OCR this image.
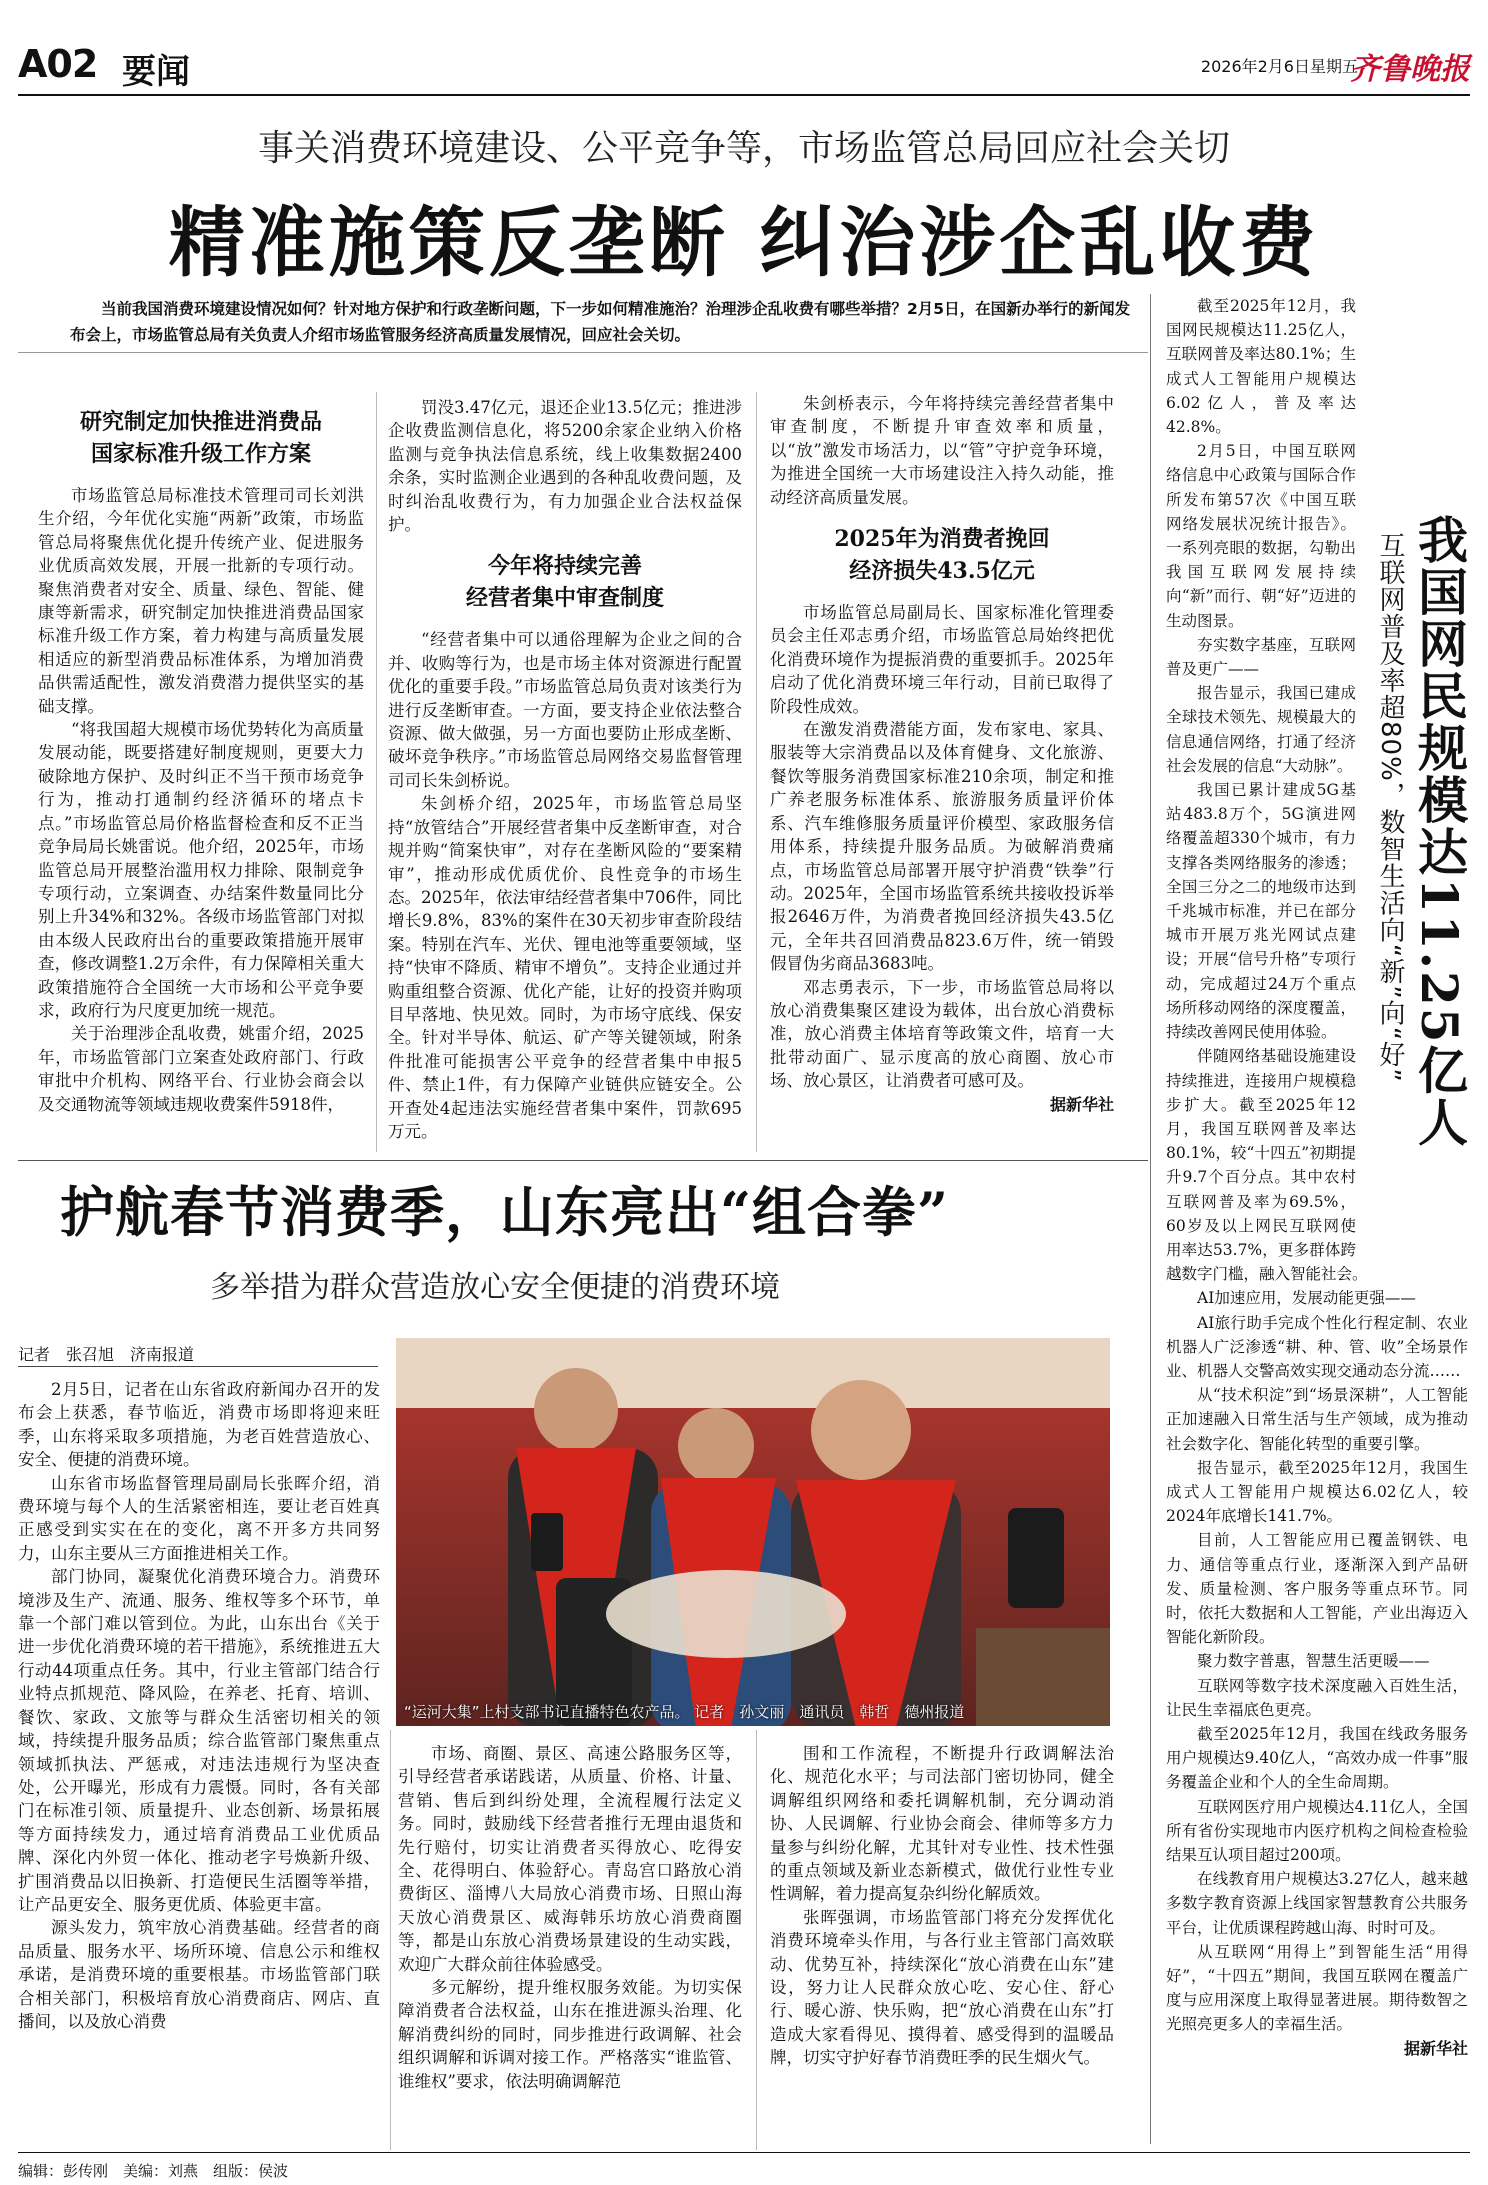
A02 要闻	2026年2月6日 星期五
齐鲁晚报
事关消费环境建设、公平竞争等，市场监管总局回应社会关切
精准施策反垄断 纠治涉企乱收费
当前我国消费环境建设情况如何？针对地方保护和行政垄断问题，下一步如何精准施治？治理涉企乱收费有哪些举措？2月5日，在国新办举行的新闻发布会上，市场监管总局有关负责人介绍市场监管服务经济高质量发展情况，回应社会关切。
研究制定加快推进消费品
国家标准升级工作方案

市场监管总局标准技术管理司司长刘洪生介绍，今年优化实施“两新”政策，市场监管总局将聚焦优化提升传统产业、促进服务业优质高效发展，开展一批新的专项行动。聚焦消费者对安全、质量、绿色、智能、健康等新需求，研究制定加快推进消费品国家标准升级工作方案，着力构建与高质量发展相适应的新型消费品标准体系，为增加消费品供需适配性，激发消费潜力提供坚实的基础支撑。

“将我国超大规模市场优势转化为高质量发展动能，既要搭建好制度规则，更要大力破除地方保护、及时纠正不当干预市场竞争行为，推动打通制约经济循环的堵点卡点。”市场监管总局价格监督检查和反不正当竞争局局长姚雷说。他介绍，2025年，市场监管总局开展整治滥用权力排除、限制竞争专项行动，立案调查、办结案件数量同比分别上升34%和32%。各级市场监管部门对拟由本级人民政府出台的重要政策措施开展审查，修改调整1.2万余件，有力保障相关重大政策措施符合全国统一大市场和公平竞争要求，政府行为尺度更加统一规范。

关于治理涉企乱收费，姚雷介绍，2025年，市场监管部门立案查处政府部门、行政审批中介机构、网络平台、行业协会商会以及交通物流等领域违规收费案件5918件，

罚没3.47亿元，退还企业13.5亿元；推进涉企收费监测信息化，将5200余家企业纳入价格监测与竞争执法信息系统，线上收集数据2400余条，实时监测企业遇到的各种乱收费问题，及时纠治乱收费行为，有力加强企业合法权益保护。

今年将持续完善
经营者集中审查制度

“经营者集中可以通俗理解为企业之间的合并、收购等行为，也是市场主体对资源进行配置优化的重要手段。”市场监管总局负责对该类行为进行反垄断审查。一方面，要支持企业依法整合资源、做大做强，另一方面也要防止形成垄断、破坏竞争秩序。”市场监管总局网络交易监督管理司司长朱剑桥说。

朱剑桥介绍，2025年，市场监管总局坚持“放管结合”开展经营者集中反垄断审查，对合规并购“简案快审”，对存在垄断风险的“要案精审”，推动形成优质优价、良性竞争的市场生态。2025年，依法审结经营者集中706件，同比增长9.8%，83%的案件在30天初步审查阶段结案。特别在汽车、光伏、锂电池等重要领域，坚持“快审不降质、精审不增负”。支持企业通过并购重组整合资源、优化产能，让好的投资并购项目早落地、快见效。同时，为市场守底线、保安全。针对半导体、航运、矿产等关键领域，附条件批准可能损害公平竞争的经营者集中申报5件、禁止1件，有力保障产业链供应链安全。公开查处4起违法实施经营者集中案件，罚款695万元。

朱剑桥表示，今年将持续完善经营者集中审查制度，不断提升审查效率和质量，以“放”激发市场活力，以“管”守护竞争环境，为推进全国统一大市场建设注入持久动能，推动经济高质量发展。

2025年为消费者挽回
经济损失43.5亿元

市场监管总局副局长、国家标准化管理委员会主任邓志勇介绍，市场监管总局始终把优化消费环境作为提振消费的重要抓手。2025年启动了优化消费环境三年行动，目前已取得了阶段性成效。

在激发消费潜能方面，发布家电、家具、服装等大宗消费品以及体育健身、文化旅游、餐饮等服务消费国家标准210余项，制定和推广养老服务标准体系、旅游服务质量评价体系、汽车维修服务质量评价模型、家政服务信用体系，持续提升服务品质。为破解消费痛点，市场监管总局部署开展守护消费“铁拳”行动。2025年，全国市场监管系统共接收投诉举报2646万件，为消费者挽回经济损失43.5亿元，全年共召回消费品823.6万件，统一销毁假冒伪劣商品3683吨。

邓志勇表示，下一步，市场监管总局将以放心消费集聚区建设为载体，出台放心消费标准，放心消费主体培育等政策文件，培育一大批带动面广、显示度高的放心商圈、放心市场、放心景区，让消费者可感可及。

据新华社	我国网民规模达11.25亿人
互联网普及率超80%，数智生活向“新”向“好”

截至2025年12月，我国网民规模达11.25亿人，互联网普及率达80.1%；生成式人工智能用户规模达6.02亿人，普及率达42.8%。

2月5日，中国互联网络信息中心政策与国际合作所发布第57次《中国互联网络发展状况统计报告》。一系列亮眼的数据，勾勒出我国互联网发展持续向“新”而行、朝“好”迈进的生动图景。

夯实数字基座，互联网普及更广——

报告显示，我国已建成全球技术领先、规模最大的信息通信网络，打通了经济社会发展的信息“大动脉”。

我国已累计建成5G基站483.8万个，5G演进网络覆盖超330个城市，有力支撑各类网络服务的渗透；全国三分之二的地级市达到千兆城市标准，并已在部分城市开展万兆光网试点建设；开展“信号升格”专项行动，完成超过24万个重点场所移动网络的深度覆盖，持续改善网民使用体验。

伴随网络基础设施建设持续推进，连接用户规模稳步扩大。截至2025年12月，我国互联网普及率达80.1%，较“十四五”初期提升9.7个百分点。其中农村互联网普及率为69.5%，60岁及以上网民互联网使用率达53.7%，更多群体跨越数字门槛，融入智能社会。

AI加速应用，发展动能更强——

AI旅行助手完成个性化行程定制、农业机器人广泛渗透“耕、种、管、收”全场景作业、机器人交警高效实现交通动态分流……

从“技术积淀”到“场景深耕”，人工智能正加速融入日常生活与生产领域，成为推动社会数字化、智能化转型的重要引擎。

报告显示，截至2025年12月，我国生成式人工智能用户规模达6.02亿人，较2024年底增长141.7%。

目前，人工智能应用已覆盖钢铁、电力、通信等重点行业，逐渐深入到产品研发、质量检测、客户服务等重点环节。同时，依托大数据和人工智能，产业出海迈入智能化新阶段。

聚力数字普惠，智慧生活更暖——

互联网等数字技术深度融入百姓生活，让民生幸福底色更亮。

截至2025年12月，我国在线政务服务用户规模达9.40亿人，“高效办成一件事”服务覆盖企业和个人的全生命周期。

互联网医疗用户规模达4.11亿人，全国所有省份实现地市内医疗机构之间检查检验结果互认项目超过200项。

在线教育用户规模达3.27亿人，越来越多数字教育资源上线国家智慧教育公共服务平台，让优质课程跨越山海、时时可及。

从互联网“用得上”到智能生活“用得好”，“十四五”期间，我国互联网在覆盖广度与应用深度上取得显著进展。期待数智之光照亮更多人的幸福生活。

据新华社
护航春节消费季，山东亮出“组合拳”
多举措为群众营造放心安全便捷的消费环境
记者　张召旭　济南报道

2月5日，记者在山东省政府新闻办召开的发布会上获悉，春节临近，消费市场即将迎来旺季，山东将采取多项措施，为老百姓营造放心、安全、便捷的消费环境。

山东省市场监督管理局副局长张晖介绍，消费环境与每个人的生活紧密相连，要让老百姓真正感受到实实在在的变化，离不开多方共同努力，山东主要从三方面推进相关工作。

部门协同，凝聚优化消费环境合力。消费环境涉及生产、流通、服务、维权等多个环节，单靠一个部门难以管到位。为此，山东出台《关于进一步优化消费环境的若干措施》，系统推进五大行动44项重点任务。其中，行业主管部门结合行业特点抓规范、降风险，在养老、托育、培训、餐饮、家政、文旅等与群众生活密切相关的领域，持续提升服务品质；综合监管部门聚焦重点领域抓执法、严惩戒，对违法违规行为坚决查处，公开曝光，形成有力震慑。同时，各有关部门在标准引领、质量提升、业态创新、场景拓展等方面持续发力，通过培育消费品工业优质品牌、深化内外贸一体化、推动老字号焕新升级、扩围消费品以旧换新、打造便民生活圈等举措，让产品更安全、服务更优质、体验更丰富。

源头发力，筑牢放心消费基础。经营者的商品质量、服务水平、场所环境、信息公示和维权承诺，是消费环境的重要根基。市场监管部门联合相关部门，积极培育放心消费商店、网店、直播间，以及放心消费

“运河大集”上村支部书记直播特色农产品。 记者　孙文丽　通讯员　韩哲　德州报道

市场、商圈、景区、高速公路服务区等，引导经营者承诺践诺，从质量、价格、计量、营销、售后到纠纷处理，全流程履行法定义务。同时，鼓励线下经营者推行无理由退货和先行赔付，切实让消费者买得放心、吃得安全、花得明白、体验舒心。青岛宫口路放心消费街区、淄博八大局放心消费市场、日照山海天放心消费景区、威海韩乐坊放心消费商圈等，都是山东放心消费场景建设的生动实践，欢迎广大群众前往体验感受。

多元解纷，提升维权服务效能。为切实保障消费者合法权益，山东在推进源头治理、化解消费纠纷的同时，同步推进行政调解、社会组织调解和诉调对接工作。严格落实“谁监管、谁维权”要求，依法明确调解范

围和工作流程，不断提升行政调解法治化、规范化水平；与司法部门密切协同，健全调解组织网络和委托调解机制，充分调动消协、人民调解、行业协会商会、律师等多方力量参与纠纷化解，尤其针对专业性、技术性强的重点领域及新业态新模式，做优行业性专业性调解，着力提高复杂纠纷化解质效。

张晖强调，市场监管部门将充分发挥优化消费环境牵头作用，与各行业主管部门高效联动、优势互补，持续深化“放心消费在山东”建设，努力让人民群众放心吃、安心住、舒心行、暖心游、快乐购，把“放心消费在山东”打造成大家看得见、摸得着、感受得到的温暖品牌，切实守护好春节消费旺季的民生烟火气。

编辑：彭传刚　美编：刘燕　组版：侯波
